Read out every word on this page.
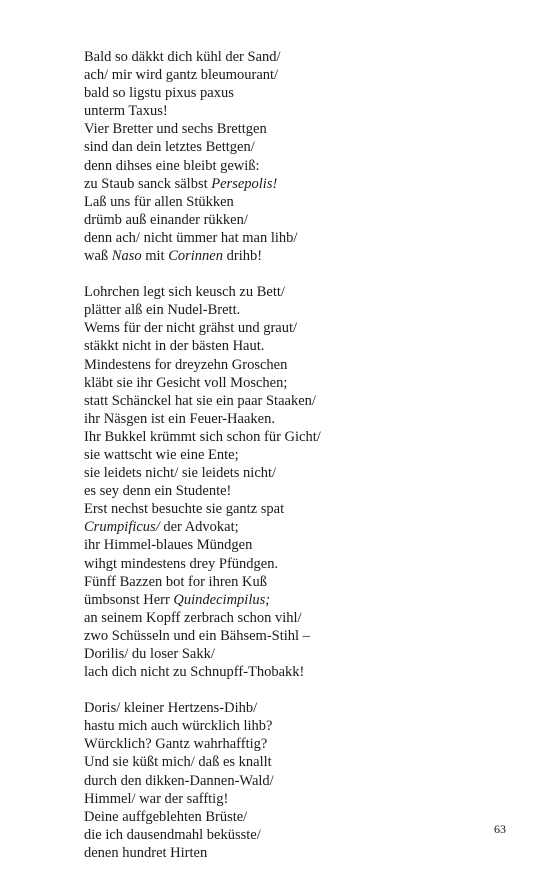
Bald so däkkt dich kühl der Sand/
ach/ mir wird gantz bleumourant/
bald so ligstu pixus paxus
unterm Taxus!
Vier Bretter und sechs Brettgen
sind dan dein letztes Bettgen/
denn dihses eine bleibt gewiß:
zu Staub sanck sälbst Persepolis!
Laß uns für allen Stükken
drümb auß einander rükken/
denn ach/ nicht ümmer hat man lihb/
waß Naso mit Corinnen drihb!
Lohrchen legt sich keusch zu Bett/
plätter alß ein Nudel-Brett.
Wems für der nicht grähst und graut/
stäkkt nicht in der bästen Haut.
Mindestens for dreyzehn Groschen
kläbt sie ihr Gesicht voll Moschen;
statt Schänckel hat sie ein paar Staaken/
ihr Näsgen ist ein Feuer-Haaken.
Ihr Bukkel krümmt sich schon für Gicht/
sie wattscht wie eine Ente;
sie leidets nicht/ sie leidets nicht/
es sey denn ein Studente!
Erst nechst besuchte sie gantz spat
Crumpificus/ der Advokat;
ihr Himmel-blaues Mündgen
wihgt mindestens drey Pfündgen.
Fünff Bazzen bot for ihren Kuß
ümbsonst Herr Quindecimpilus;
an seinem Kopff zerbrach schon vihl/
zwo Schüsseln und ein Bähsem-Stihl –
Dorilis/ du loser Sakk/
lach dich nicht zu Schnupff-Thobakk!
Doris/ kleiner Hertzens-Dihb/
hastu mich auch würcklich lihb?
Würcklich? Gantz wahrhafftig?
Und sie küßt mich/ daß es knallt
durch den dikken-Dannen-Wald/
Himmel/ war der safftig!
Deine auffgeblehten Brüste/
die ich dausendmahl beküsste/
denen hundret Hirten
63
